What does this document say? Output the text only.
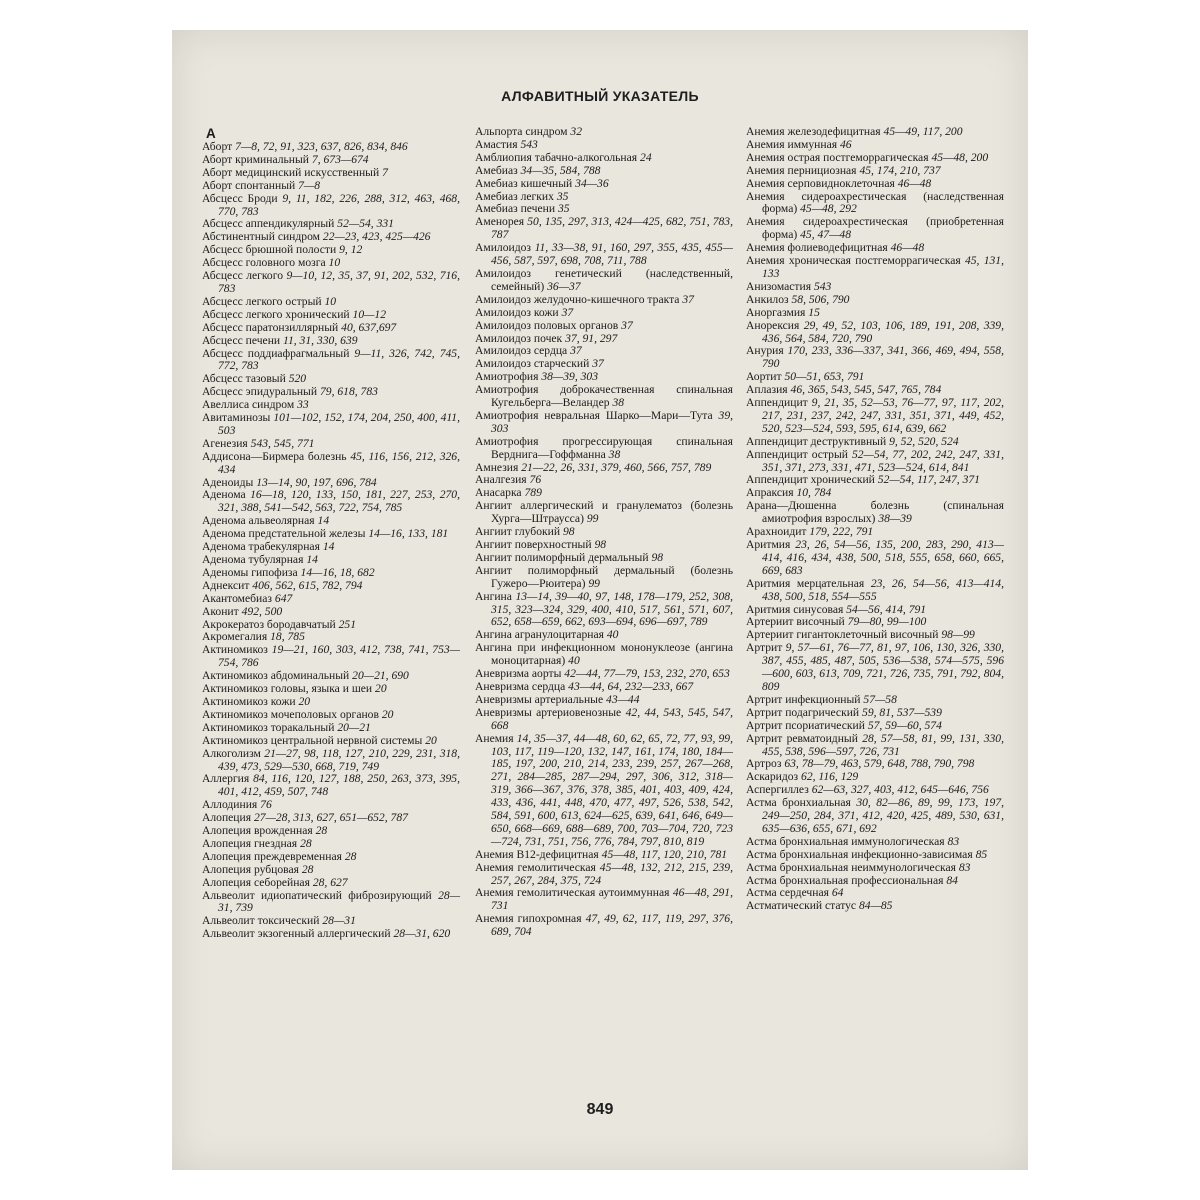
АЛФАВИТНЫЙ УКАЗАТЕЛЬ
А
Аборт 7—8, 72, 91, 323, 637, 826, 834, 846
Аборт криминальный 7, 673—674
Аборт медицинский искусственный 7
Аборт спонтанный 7—8
Абсцесс Броди 9, 11, 182, 226, 288, 312, 463, 468, 770, 783
Абсцесс аппендикулярный 52—54, 331
Абстинентный синдром 22—23, 423, 425—426
Абсцесс брюшной полости 9, 12
Абсцесс головного мозга 10
Абсцесс легкого 9—10, 12, 35, 37, 91, 202, 532, 716, 783
Абсцесс легкого острый 10
Абсцесс легкого хронический 10—12
Абсцесс паратонзиллярный 40, 637,697
Абсцесс печени 11, 31, 330, 639
Абсцесс поддиафрагмальный 9—11, 326, 742, 745, 772, 783
Абсцесс тазовый 520
Абсцесс эпидуральный 79, 618, 783
Авеллиса синдром 33
Авитаминозы 101—102, 152, 174, 204, 250, 400, 411, 503
Агенезия 543, 545, 771
Аддисона—Бирмера болезнь 45, 116, 156, 212, 326, 434
Аденоиды 13—14, 90, 197, 696, 784
Аденома 16—18, 120, 133, 150, 181, 227, 253, 270, 321, 388, 541—542, 563, 722, 754, 785
Аденома альвеолярная 14
Аденома предстательной железы 14—16, 133, 181
Аденома трабекулярная 14
Аденома тубулярная 14
Аденомы гипофиза 14—16, 18, 682
Аднексит 406, 562, 615, 782, 794
Акантомебиаз 647
Аконит 492, 500
Акрокератоз бородавчатый 251
Акромегалия 18, 785
Актиномикоз 19—21, 160, 303, 412, 738, 741, 753—754, 786
Актиномикоз абдоминальный 20—21, 690
Актиномикоз головы, языка и шеи 20
Актиномикоз кожи 20
Актиномикоз мочеполовых органов 20
Актиномикоз торакальный 20—21
Актиномикоз центральной нервной системы 20
Алкоголизм 21—27, 98, 118, 127, 210, 229, 231, 318, 439, 473, 529—530, 668, 719, 749
Аллергия 84, 116, 120, 127, 188, 250, 263, 373, 395, 401, 412, 459, 507, 748
Аллодиния 76
Алопеция 27—28, 313, 627, 651—652, 787
Алопеция врожденная 28
Алопеция гнездная 28
Алопеция преждевременная 28
Алопеция рубцовая 28
Алопеция себорейная 28, 627
Альвеолит идиопатический фиброзирующий 28—31, 739
Альвеолит токсический 28—31
Альвеолит экзогенный аллергический 28—31, 620
Альпорта синдром 32
Амастия 543
Амблиопия табачно-алкогольная 24
Амебиаз 34—35, 584, 788
Амебиаз кишечный 34—36
Амебиаз легких 35
Амебиаз печени 35
Аменорея 50, 135, 297, 313, 424—425, 682, 751, 783, 787
Амилоидоз 11, 33—38, 91, 160, 297, 355, 435, 455—456, 587, 597, 698, 708, 711, 788
Амилоидоз генетический (наследственный, семейный) 36—37
Амилоидоз желудочно-кишечного тракта 37
Амилоидоз кожи 37
Амилоидоз половых органов 37
Амилоидоз почек 37, 91, 297
Амилоидоз сердца 37
Амилоидоз старческий 37
Амиотрофия 38—39, 303
Амиотрофия доброкачественная спинальная Кугельберга—Веландер 38
Амиотрофия невральная Шарко—Мари—Тута 39, 303
Амиотрофия прогрессирующая спинальная Верднига—Гоффманна 38
Амнезия 21—22, 26, 331, 379, 460, 566, 757, 789
Аналгезия 76
Анасарка 789
Ангиит аллергический и гранулематоз (болезнь Хурга—Штраусса) 99
Ангиит глубокий 98
Ангиит поверхностный 98
Ангиит полиморфный дермальный 98
Ангиит полиморфный дермальный (болезнь Гужеро—Рюитера) 99
Ангина 13—14, 39—40, 97, 148, 178—179, 252, 308, 315, 323—324, 329, 400, 410, 517, 561, 571, 607, 652, 658—659, 662, 693—694, 696—697, 789
Ангина агранулоцитарная 40
Ангина при инфекционном мононуклеозе (ангина моноцитарная) 40
Аневризма аорты 42—44, 77—79, 153, 232, 270, 653
Аневризма сердца 43—44, 64, 232—233, 667
Аневризмы артериальные 43—44
Аневризмы артериовенозные 42, 44, 543, 545, 547, 668
Анемия 14, 35—37, 44—48, 60, 62, 65, 72, 77, 93, 99, 103, 117, 119—120, 132, 147, 161, 174, 180, 184—185, 197, 200, 210, 214, 233, 239, 257, 267—268, 271, 284—285, 287—294, 297, 306, 312, 318—319, 366—367, 376, 378, 385, 401, 403, 409, 424, 433, 436, 441, 448, 470, 477, 497, 526, 538, 542, 584, 591, 600, 613, 624—625, 639, 641, 646, 649—650, 668—669, 688—689, 700, 703—704, 720, 723—724, 731, 751, 756, 776, 784, 797, 810, 819
Анемия B12-дефицитная 45—48, 117, 120, 210, 781
Анемия гемолитическая 45—48, 132, 212, 215, 239, 257, 267, 284, 375, 724
Анемия гемолитическая аутоиммунная 46—48, 291, 731
Анемия гипохромная 47, 49, 62, 117, 119, 297, 376, 689, 704
Анемия железодефицитная 45—49, 117, 200
Анемия иммунная 46
Анемия острая постгеморрагическая 45—48, 200
Анемия пернициозная 45, 174, 210, 737
Анемия серповидноклеточная 46—48
Анемия сидероахрестическая (наследственная форма) 45—48, 292
Анемия сидероахрестическая (приобретенная форма) 45, 47—48
Анемия фолиеводефицитная 46—48
Анемия хроническая постгеморрагическая 45, 131, 133
Анизомастия 543
Анкилоз 58, 506, 790
Аноргазмия 15
Анорексия 29, 49, 52, 103, 106, 189, 191, 208, 339, 436, 564, 584, 720, 790
Анурия 170, 233, 336—337, 341, 366, 469, 494, 558, 790
Аортит 50—51, 653, 791
Аплазия 46, 365, 543, 545, 547, 765, 784
Аппендицит 9, 21, 35, 52—53, 76—77, 97, 117, 202, 217, 231, 237, 242, 247, 331, 351, 371, 449, 452, 520, 523—524, 593, 595, 614, 639, 662
Аппендицит деструктивный 9, 52, 520, 524
Аппендицит острый 52—54, 77, 202, 242, 247, 331, 351, 371, 273, 331, 471, 523—524, 614, 841
Аппендицит хронический 52—54, 117, 247, 371
Апраксия 10, 784
Арана—Дюшенна болезнь (спинальная амиотрофия взрослых) 38—39
Арахноидит 179, 222, 791
Аритмия 23, 26, 54—56, 135, 200, 283, 290, 413—414, 416, 434, 438, 500, 518, 555, 658, 660, 665, 669, 683
Аритмия мерцательная 23, 26, 54—56, 413—414, 438, 500, 518, 554—555
Аритмия синусовая 54—56, 414, 791
Артериит височный 79—80, 99—100
Артериит гигантоклеточный височный 98—99
Артрит 9, 57—61, 76—77, 81, 97, 106, 130, 326, 330, 387, 455, 485, 487, 505, 536—538, 574—575, 596—600, 603, 613, 709, 721, 726, 735, 791, 792, 804, 809
Артрит инфекционный 57—58
Артрит подагрический 59, 81, 537—539
Артрит псориатический 57, 59—60, 574
Артрит ревматоидный 28, 57—58, 81, 99, 131, 330, 455, 538, 596—597, 726, 731
Артроз 63, 78—79, 463, 579, 648, 788, 790, 798
Аскаридоз 62, 116, 129
Аспергиллез 62—63, 327, 403, 412, 645—646, 756
Астма бронхиальная 30, 82—86, 89, 99, 173, 197, 249—250, 284, 371, 412, 420, 425, 489, 530, 631, 635—636, 655, 671, 692
Астма бронхиальная иммунологическая 83
Астма бронхиальная инфекционно-зависимая 85
Астма бронхиальная неиммунологическая 83
Астма бронхиальная профессиональная 84
Астма сердечная 64
Астматический статус 84—85
849
